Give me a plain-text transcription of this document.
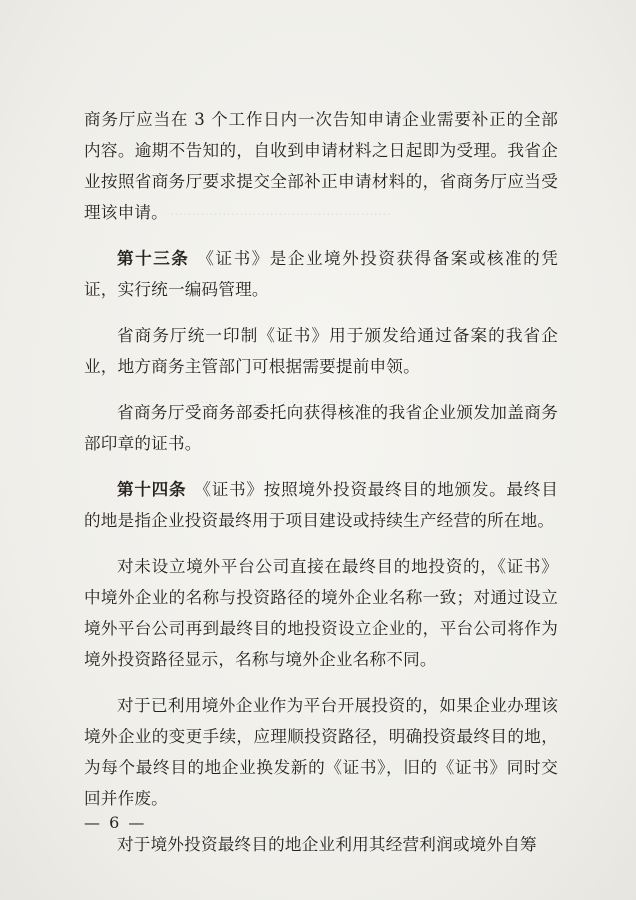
……………………………………………
……………………………………

商务厅应当在 3 个工作日内一次告知申请企业需要补正的全部内容。逾期不告知的，自收到申请材料之日起即为受理。我省企业按照省商务厅要求提交全部补正申请材料的，省商务厅应当受理该申请。

第十三条 《证书》是企业境外投资获得备案或核准的凭证，实行统一编码管理。

省商务厅统一印制《证书》用于颁发给通过备案的我省企业，地方商务主管部门可根据需要提前申领。

省商务厅受商务部委托向获得核准的我省企业颁发加盖商务部印章的证书。

第十四条 《证书》按照境外投资最终目的地颁发。最终目的地是指企业投资最终用于项目建设或持续生产经营的所在地。

对未设立境外平台公司直接在最终目的地投资的，《证书》中境外企业的名称与投资路径的境外企业名称一致；对通过设立境外平台公司再到最终目的地投资设立企业的，平台公司将作为境外投资路径显示，名称与境外企业名称不同。

对于已利用境外企业作为平台开展投资的，如果企业办理该境外企业的变更手续，应理顺投资路径，明确投资最终目的地，为每个最终目的地企业换发新的《证书》，旧的《证书》同时交回并作废。

对于境外投资最终目的地企业利用其经营利润或境外自筹

— 6 —
